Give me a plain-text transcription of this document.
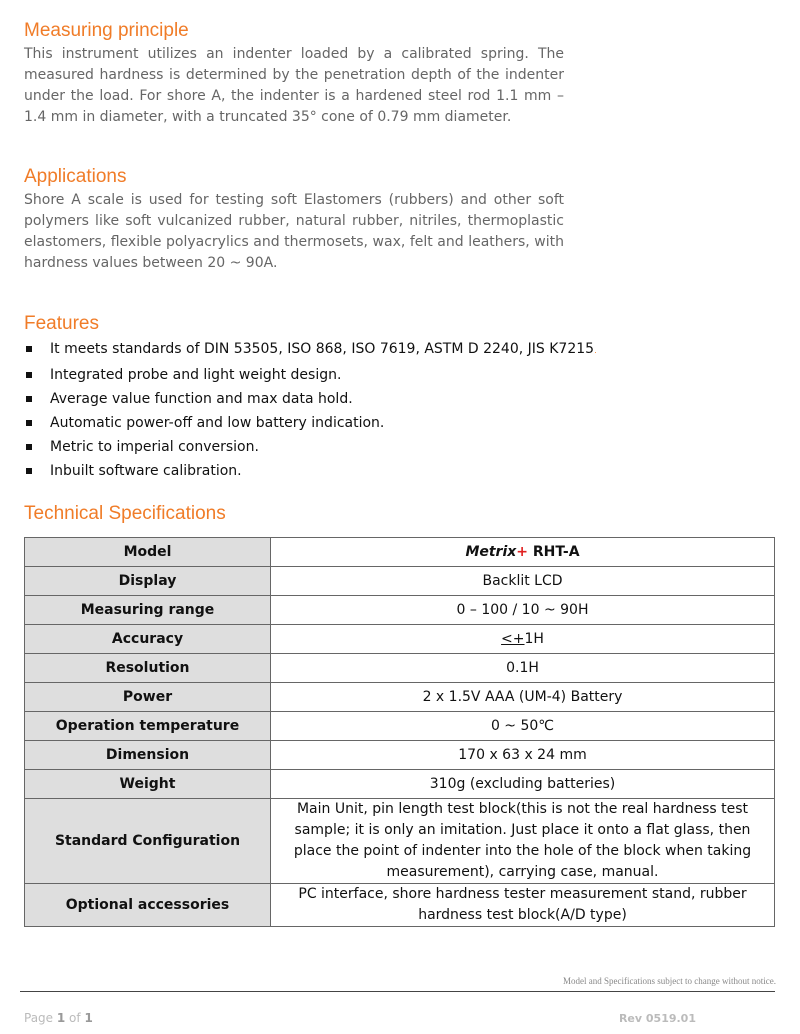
Measuring principle

This instrument utilizes an indenter loaded by a calibrated spring. The measured hardness is determined by the penetration depth of the indenter under the load. For shore A, the indenter is a hardened steel rod 1.1 mm – 1.4 mm in diameter, with a truncated 35° cone of 0.79 mm diameter.

Applications

Shore A scale is used for testing soft Elastomers (rubbers) and other soft polymers like soft vulcanized rubber, natural rubber, nitriles, thermoplastic elastomers, flexible polyacrylics and thermosets, wax, felt and leathers, with hardness values between 20 ~ 90A.

Features
It meets standards of DIN 53505, ISO 868, ISO 7619, ASTM D 2240, JIS K7215.
Integrated probe and light weight design.
Average value function and max data hold.
Automatic power-off and low battery indication.
Metric to imperial conversion.
Inbuilt software calibration.
Technical Specifications
Model	Metrix+ RHT-A
Display	Backlit LCD
Measuring range	0 – 100 / 10 ~ 90H
Accuracy	<+1H
Resolution	0.1H
Power	2 x 1.5V AAA (UM-4) Battery
Operation temperature	0 ~ 50℃
Dimension	170 x 63 x 24 mm
Weight	310g (excluding batteries)
Standard Configuration	Main Unit, pin length test block(this is not the real hardness test sample; it is only an imitation. Just place it onto a flat glass, then place the point of indenter into the hole of the block when taking measurement), carrying case, manual.
Optional accessories	PC interface, shore hardness tester measurement stand, rubber hardness test block(A/D type)
Model and Specifications subject to change without notice.
Page 1 of 1	Rev 0519.01
